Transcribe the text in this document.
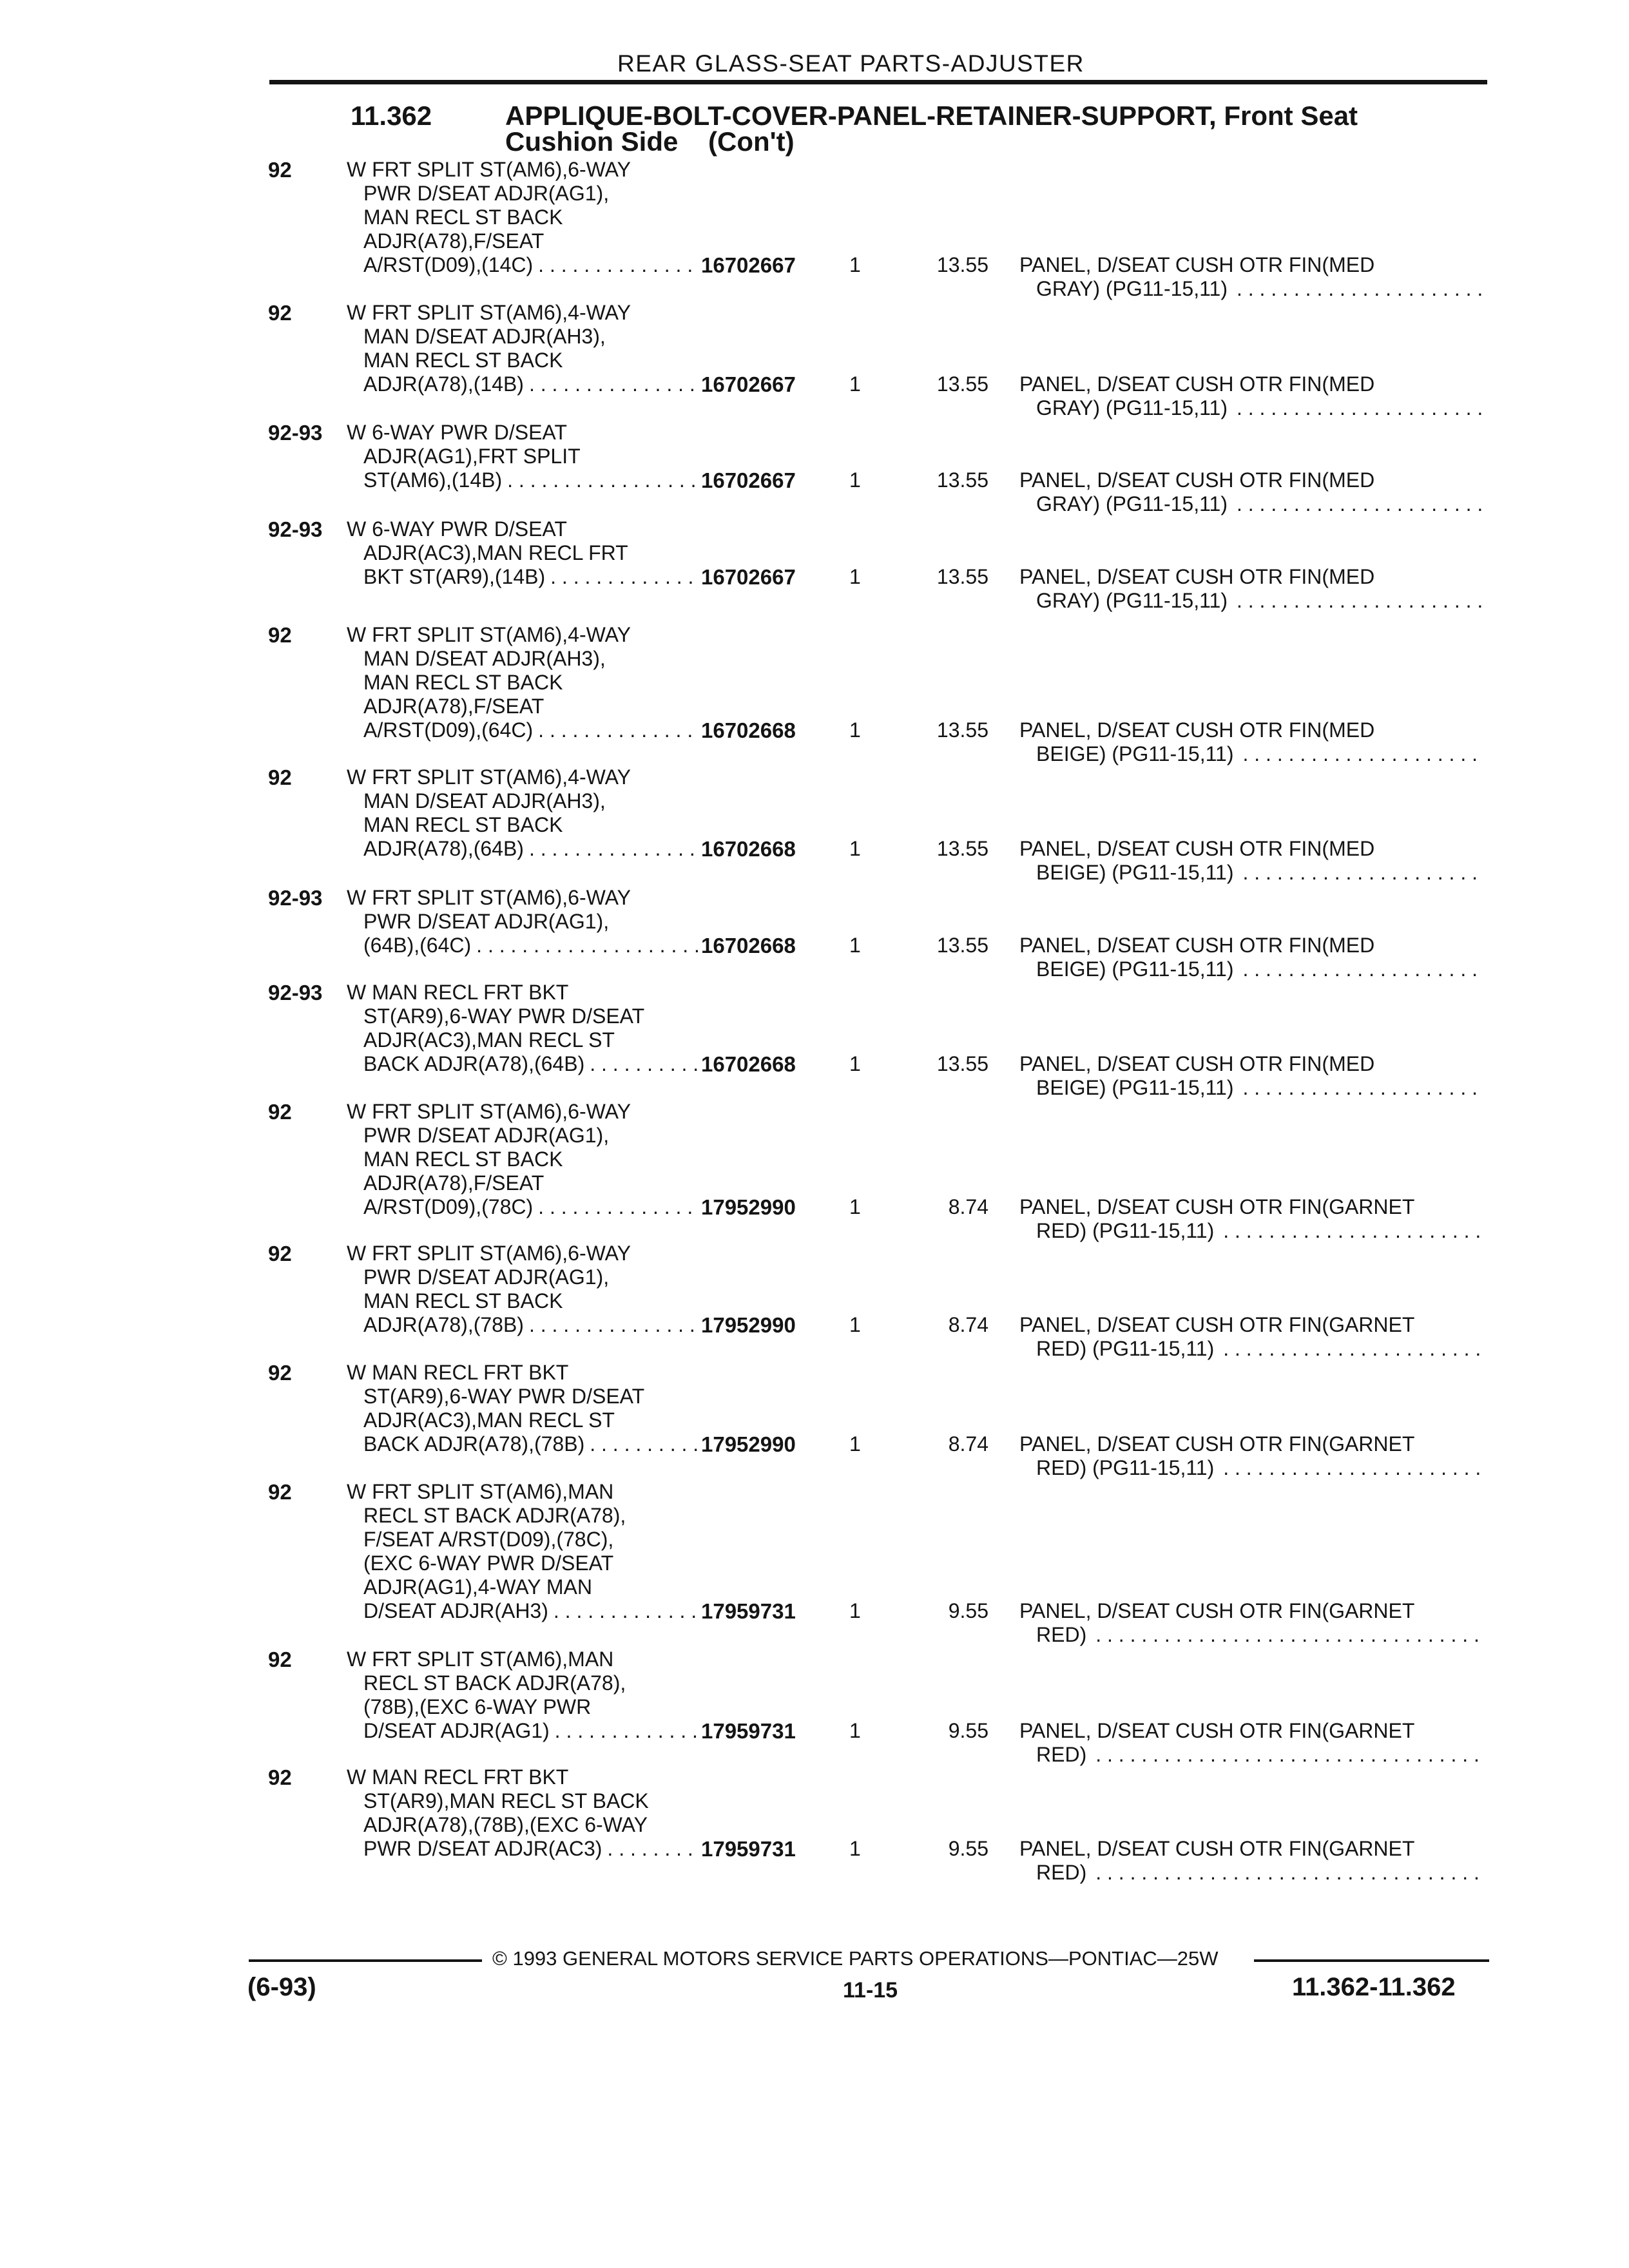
REAR GLASS-SEAT PARTS-ADJUSTER
11.362	APPLIQUE-BOLT-COVER-PANEL-RETAINER-SUPPORT, Front Seat
Cushion Side    (Con't)
92	W FRT SPLIT ST(AM6),6-WAY
PWR D/SEAT ADJR(AG1),
MAN RECL ST BACK
ADJR(A78),F/SEAT
A/RST(D09),(14C) . . .	16702667	1	13.55 PANEL, D/SEAT CUSH OTR FIN(MED
GRAY) (PG11-15,11)
. . .
92	W FRT SPLIT ST(AM6),4-WAY
MAN D/SEAT ADJR(AH3),
MAN RECL ST BACK
ADJR(A78),(14B) . . .	16702667	1	13.55 PANEL, D/SEAT CUSH OTR FIN(MED
GRAY) (PG11-15,11)
. . .
92-93	W 6-WAY PWR D/SEAT
ADJR(AG1),FRT SPLIT
ST(AM6),(14B) . . .	16702667	1	13.55 PANEL, D/SEAT CUSH OTR FIN(MED
GRAY) (PG11-15,11)
. . .
92-93	W 6-WAY PWR D/SEAT
ADJR(AC3),MAN RECL FRT
BKT ST(AR9),(14B) . . .	16702667	1	13.55 PANEL, D/SEAT CUSH OTR FIN(MED
GRAY) (PG11-15,11)
. . .
92	W FRT SPLIT ST(AM6),4-WAY
MAN D/SEAT ADJR(AH3),
MAN RECL ST BACK
ADJR(A78),F/SEAT
A/RST(D09),(64C) . . .	16702668	1	13.55 PANEL, D/SEAT CUSH OTR FIN(MED
BEIGE) (PG11-15,11)
. . .
92	W FRT SPLIT ST(AM6),4-WAY
MAN D/SEAT ADJR(AH3),
MAN RECL ST BACK
ADJR(A78),(64B) . . .	16702668	1	13.55 PANEL, D/SEAT CUSH OTR FIN(MED
BEIGE) (PG11-15,11)
. . .
92-93	W FRT SPLIT ST(AM6),6-WAY
PWR D/SEAT ADJR(AG1),
(64B),(64C) . . .	16702668	1	13.55 PANEL, D/SEAT CUSH OTR FIN(MED
BEIGE) (PG11-15,11)
. . .
92-93	W MAN RECL FRT BKT
ST(AR9),6-WAY PWR D/SEAT
ADJR(AC3),MAN RECL ST
BACK ADJR(A78),(64B) . . .	16702668	1	13.55 PANEL, D/SEAT CUSH OTR FIN(MED
BEIGE) (PG11-15,11)
. . .
92	W FRT SPLIT ST(AM6),6-WAY
PWR D/SEAT ADJR(AG1),
MAN RECL ST BACK
ADJR(A78),F/SEAT
A/RST(D09),(78C) . . .	17952990	1	8.74 PANEL, D/SEAT CUSH OTR FIN(GARNET
RED) (PG11-15,11)
. . .
92	W FRT SPLIT ST(AM6),6-WAY
PWR D/SEAT ADJR(AG1),
MAN RECL ST BACK
ADJR(A78),(78B) . . .	17952990	1	8.74 PANEL, D/SEAT CUSH OTR FIN(GARNET
RED) (PG11-15,11)
. . .
92	W MAN RECL FRT BKT
ST(AR9),6-WAY PWR D/SEAT
ADJR(AC3),MAN RECL ST
BACK ADJR(A78),(78B) . . .	17952990	1	8.74 PANEL, D/SEAT CUSH OTR FIN(GARNET
RED) (PG11-15,11)
. . .
92	W FRT SPLIT ST(AM6),MAN
RECL ST BACK ADJR(A78),
F/SEAT A/RST(D09),(78C),
(EXC 6-WAY PWR D/SEAT
ADJR(AG1),4-WAY MAN
D/SEAT ADJR(AH3) . . .	17959731	1	9.55 PANEL, D/SEAT CUSH OTR FIN(GARNET
RED)
. . .
92	W FRT SPLIT ST(AM6),MAN
RECL ST BACK ADJR(A78),
(78B),(EXC 6-WAY PWR
D/SEAT ADJR(AG1) . . .	17959731	1	9.55 PANEL, D/SEAT CUSH OTR FIN(GARNET
RED)
. . .
92	W MAN RECL FRT BKT
ST(AR9),MAN RECL ST BACK
ADJR(A78),(78B),(EXC 6-WAY
PWR D/SEAT ADJR(AC3) . . .	17959731	1	9.55 PANEL, D/SEAT CUSH OTR FIN(GARNET
RED)
. . .
© 1993 GENERAL MOTORS SERVICE PARTS OPERATIONS—PONTIAC—25W
(6-93)	11-15	11.362-11.362
